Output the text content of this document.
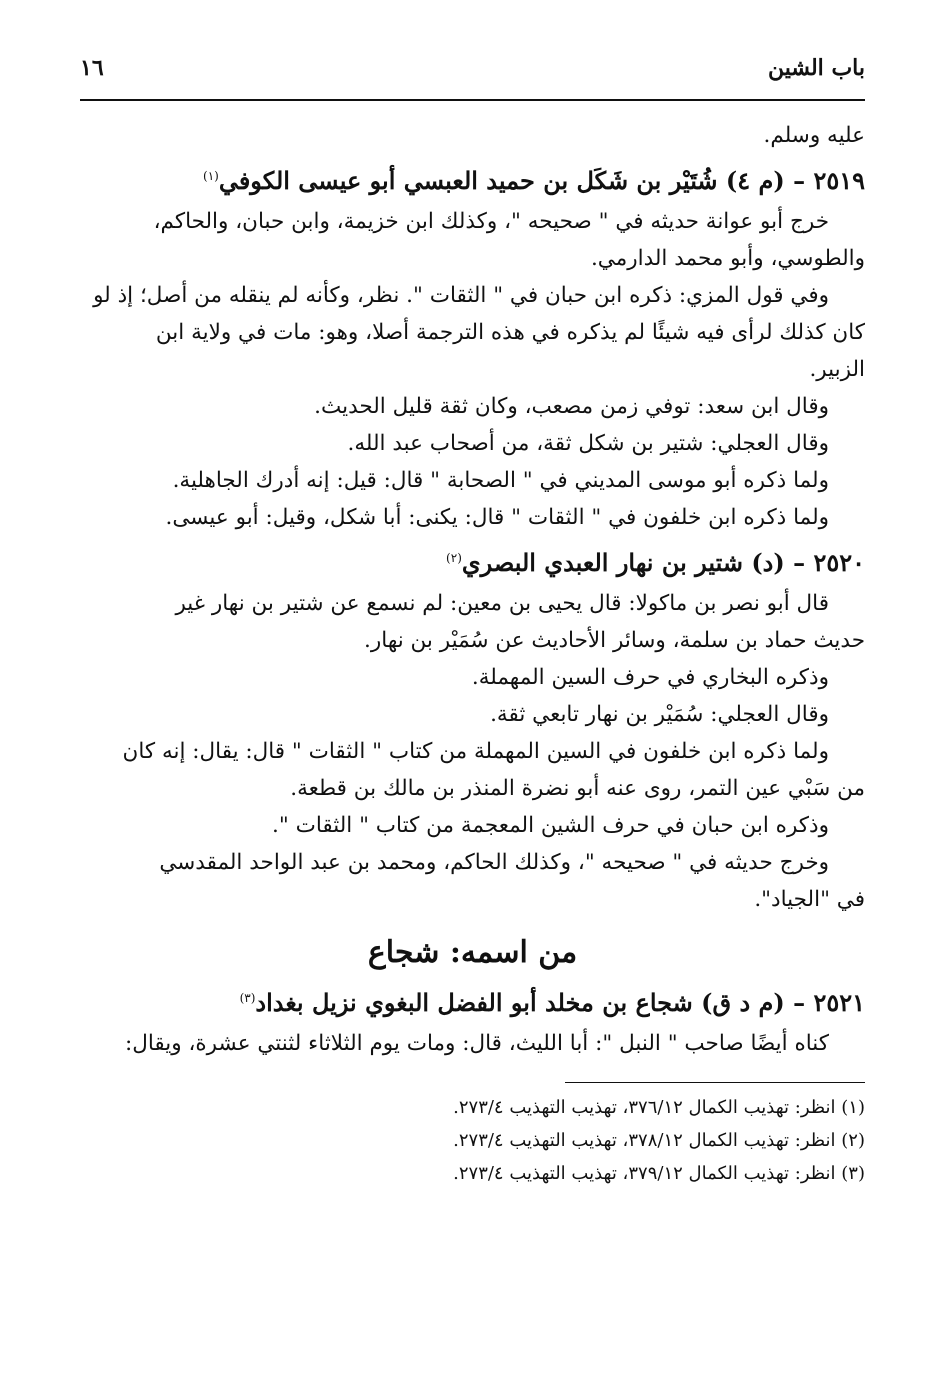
باب الشين
١٦

عليه وسلم.

٢٥١٩ – (م ٤) شُتَيْر بن شَكَل بن حميد العبسي أبو عيسى الكوفي$^{(١)}$

خرج أبو عوانة حديثه في " صحيحه "، وكذلك ابن خزيمة، وابن حبان، والحاكم،

والطوسي، وأبو محمد الدارمي.

وفي قول المزي: ذكره ابن حبان في " الثقات ". نظر، وكأنه لم ينقله من أصل؛ إذ لو

كان كذلك لرأى فيه شيئًا لم يذكره في هذه الترجمة أصلا، وهو: مات في ولاية ابن

الزبير.

وقال ابن سعد: توفي زمن مصعب، وكان ثقة قليل الحديث.

وقال العجلي: شتير بن شكل ثقة، من أصحاب عبد الله.

ولما ذكره أبو موسى المديني في " الصحابة " قال: قيل: إنه أدرك الجاهلية.

ولما ذكره ابن خلفون في " الثقات " قال: يكنى: أبا شكل، وقيل: أبو عيسى.

٢٥٢٠ – (د) شتير بن نهار العبدي البصري$^{(٢)}$

قال أبو نصر بن ماكولا: قال يحيى بن معين: لم نسمع عن شتير بن نهار غير

حديث حماد بن سلمة، وسائر الأحاديث عن سُمَيْر بن نهار.

وذكره البخاري في حرف السين المهملة.

وقال العجلي: سُمَيْر بن نهار تابعي ثقة.

ولما ذكره ابن خلفون في السين المهملة من كتاب " الثقات " قال: يقال: إنه كان

من سَبْي عين التمر، روى عنه أبو نضرة المنذر بن مالك بن قطعة.

وذكره ابن حبان في حرف الشين المعجمة من كتاب " الثقات ".

وخرج حديثه في " صحيحه "، وكذلك الحاكم، ومحمد بن عبد الواحد المقدسي

في "الجياد".

من اسمه: شجاع

٢٥٢١ – (م د ق) شجاع بن مخلد أبو الفضل البغوي نزيل بغداد$^{(٣)}$

كناه أيضًا صاحب " النبل ": أبا الليث، قال: ومات يوم الثلاثاء لثنتي عشرة، ويقال:

(١) انظر: تهذيب الكمال ٣٧٦/١٢، تهذيب التهذيب ٢٧٣/٤.

(٢) انظر: تهذيب الكمال ٣٧٨/١٢، تهذيب التهذيب ٢٧٣/٤.

(٣) انظر: تهذيب الكمال ٣٧٩/١٢، تهذيب التهذيب ٢٧٣/٤.
